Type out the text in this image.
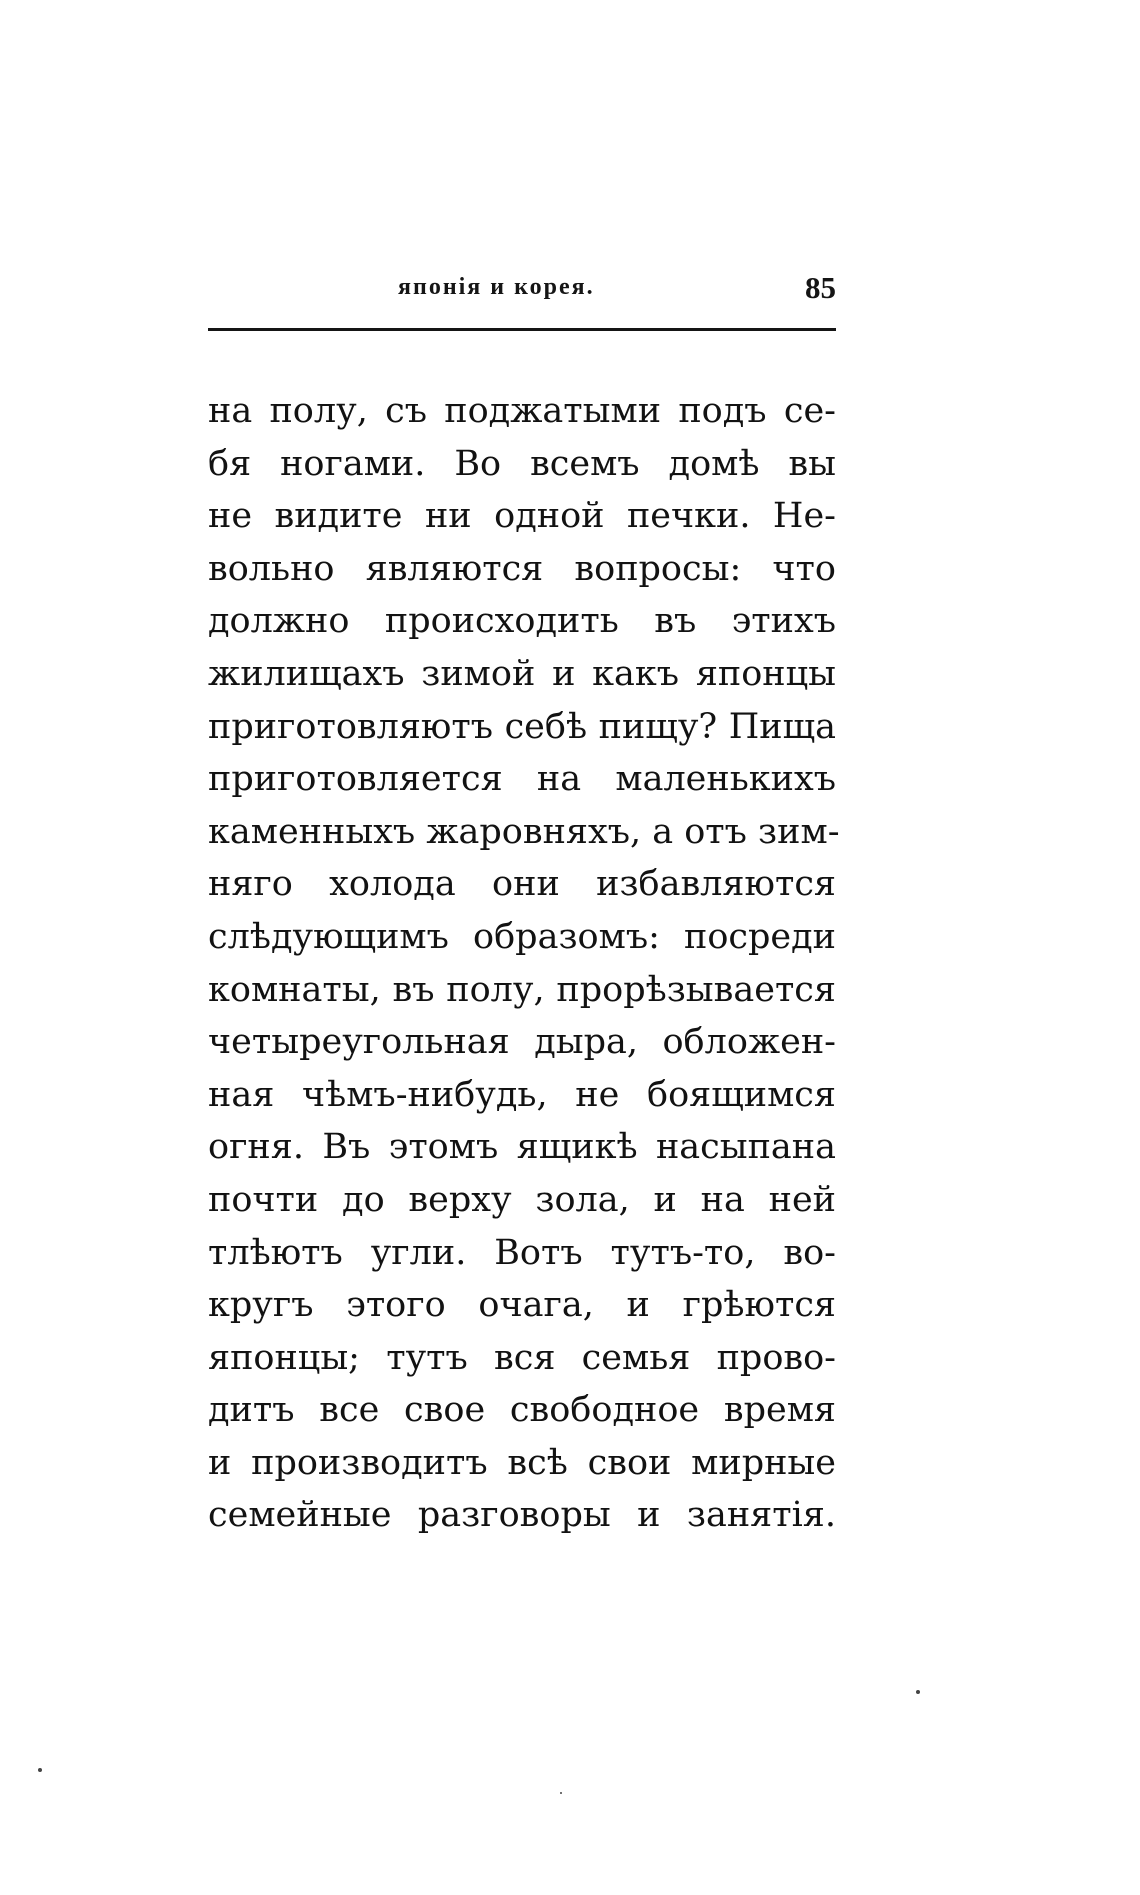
японія и корея.	85
на полу, съ поджатыми подъ се-
бя ногами. Во всемъ домѣ вы
не видите ни одной печки. Не-
вольно являются вопросы: что
должно происходить въ этихъ
жилищахъ зимой и какъ японцы
приготовляютъ себѣ пищу? Пища
приготовляется на маленькихъ
каменныхъ жаровняхъ, а отъ зим-
няго холода они избавляются
слѣдующимъ образомъ: посреди
комнаты, въ полу, прорѣзывается
четыреугольная дыра, обложен-
ная чѣмъ-нибудь, не боящимся
огня. Въ этомъ ящикѣ насыпана
почти до верху зола, и на ней
тлѣютъ угли. Вотъ тутъ-то, во-
кругъ этого очага, и грѣются
японцы; тутъ вся семья прово-
дитъ все свое свободное время
и производитъ всѣ свои мирные
семейные разговоры и занятія.
